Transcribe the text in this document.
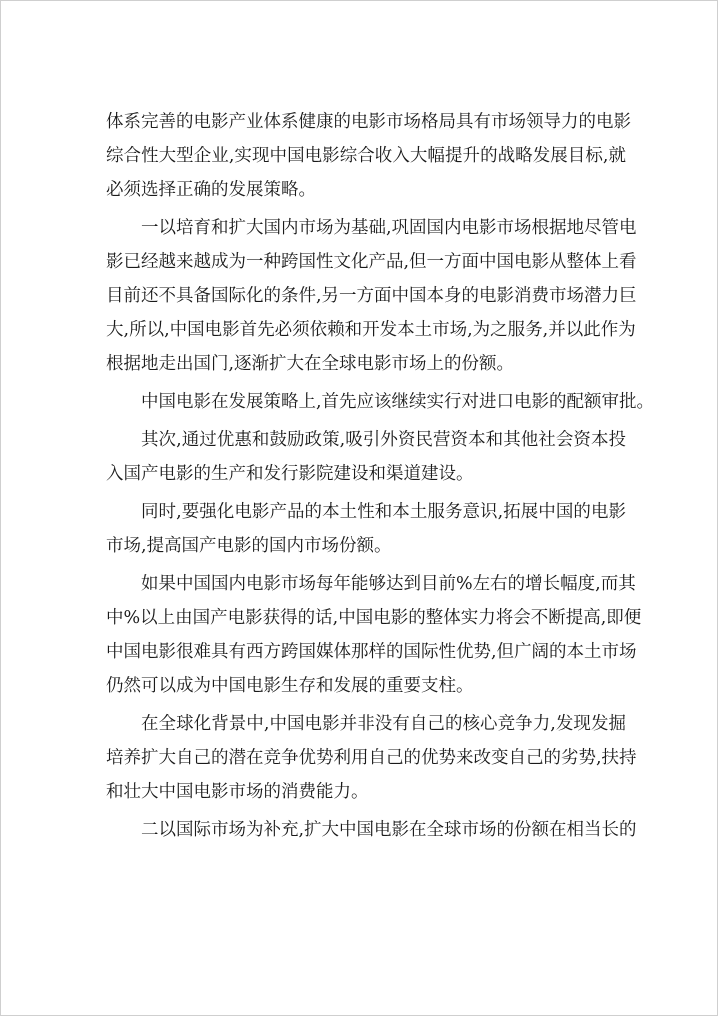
体系完善的电影产业体系健康的电影市场格局具有市场领导力的电影
综合性大型企业,实现中国电影综合收入大幅提升的战略发展目标,就
必须选择正确的发展策略。
一以培育和扩大国内市场为基础,巩固国内电影市场根据地尽管电
影已经越来越成为一种跨国性文化产品,但一方面中国电影从整体上看
目前还不具备国际化的条件,另一方面中国本身的电影消费市场潜力巨
大,所以,中国电影首先必须依赖和开发本土市场,为之服务,并以此作为
根据地走出国门,逐渐扩大在全球电影市场上的份额。
中国电影在发展策略上,首先应该继续实行对进口电影的配额审批。
其次,通过优惠和鼓励政策,吸引外资民营资本和其他社会资本投
入国产电影的生产和发行影院建设和渠道建设。
同时,要强化电影产品的本土性和本土服务意识,拓展中国的电影
市场,提高国产电影的国内市场份额。
如果中国国内电影市场每年能够达到目前%左右的增长幅度,而其
中%以上由国产电影获得的话,中国电影的整体实力将会不断提高,即便
中国电影很难具有西方跨国媒体那样的国际性优势,但广阔的本土市场
仍然可以成为中国电影生存和发展的重要支柱。
在全球化背景中,中国电影并非没有自己的核心竞争力,发现发掘
培养扩大自己的潜在竞争优势利用自己的优势来改变自己的劣势,扶持
和壮大中国电影市场的消费能力。
二以国际市场为补充,扩大中国电影在全球市场的份额在相当长的
